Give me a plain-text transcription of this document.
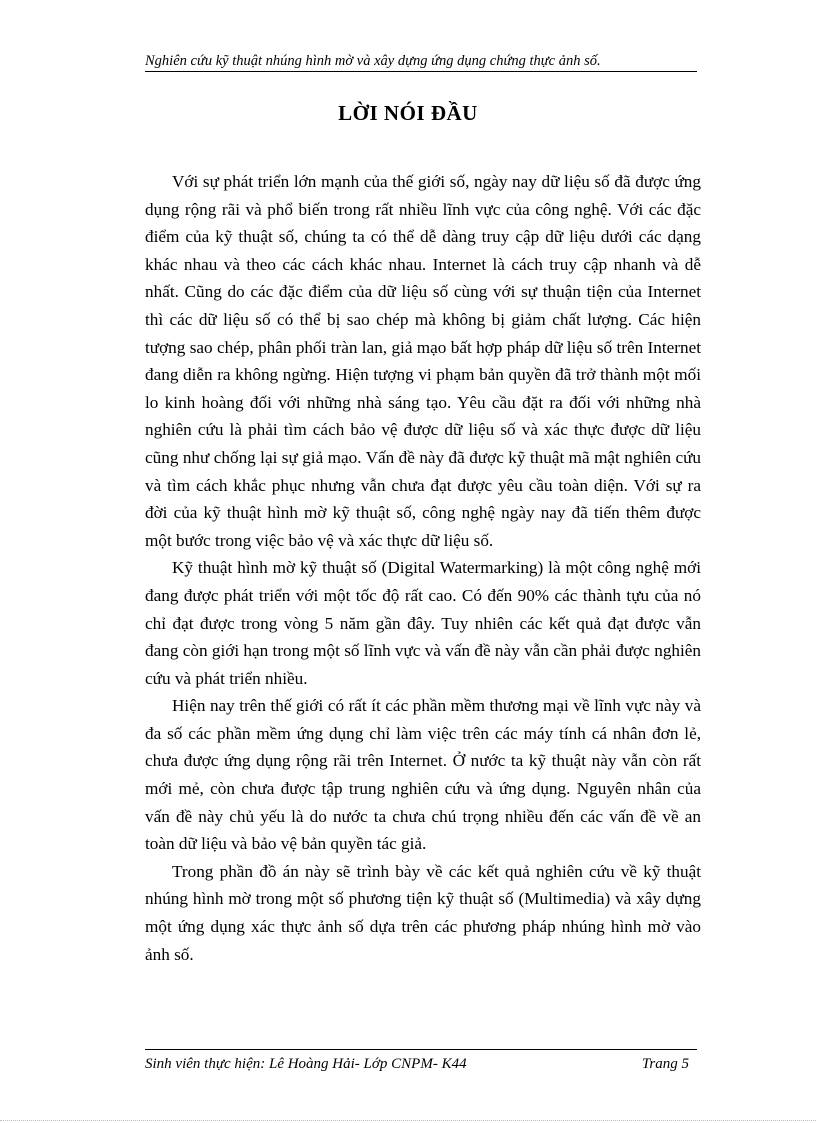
Nghiên cứu kỹ thuật nhúng hình mờ và xây dựng ứng dụng chứng thực ảnh số.
LỜI NÓI ĐẦU

Với sự phát triển lớn mạnh của thế giới số, ngày nay dữ liệu số đã được ứng dụng rộng rãi và phổ biến trong rất nhiều lĩnh vực của công nghệ. Với các đặc điểm của kỹ thuật số, chúng ta có thể dễ dàng truy cập dữ liệu dưới các dạng khác nhau và theo các cách khác nhau. Internet là cách truy cập nhanh và dễ nhất. Cũng do các đặc điểm của dữ liệu số cùng với sự thuận tiện của Internet thì các dữ liệu số có thể bị sao chép mà không bị giảm chất lượng. Các hiện tượng sao chép, phân phối tràn lan, giả mạo bất hợp pháp dữ liệu số trên Internet đang diễn ra không ngừng. Hiện tượng vi phạm bản quyền đã trở thành một mối lo kinh hoàng đối với những nhà sáng tạo. Yêu cầu đặt ra đối với những nhà nghiên cứu là phải tìm cách bảo vệ được dữ liệu số và xác thực được dữ liệu cũng như chống lại sự giả mạo. Vấn đề này đã được kỹ thuật mã mật nghiên cứu và tìm cách khắc phục nhưng vẫn chưa đạt được yêu cầu toàn diện. Với sự ra đời của kỹ thuật hình mờ kỹ thuật số, công nghệ ngày nay đã tiến thêm được một bước trong việc bảo vệ và xác thực dữ liệu số.

Kỹ thuật hình mờ kỹ thuật số (Digital Watermarking) là một công nghệ mới đang được phát triển với một tốc độ rất cao. Có đến 90% các thành tựu của nó chỉ đạt được trong vòng 5 năm gần đây. Tuy nhiên các kết quả đạt được vẫn đang còn giới hạn trong một số lĩnh vực và vấn đề này vẫn cần phải được nghiên cứu và phát triển nhiều.

Hiện nay trên thế giới có rất ít các phần mềm thương mại về lĩnh vực này và đa số các phần mềm ứng dụng chỉ làm việc trên các máy tính cá nhân đơn lẻ, chưa được ứng dụng rộng rãi trên Internet. Ở nước ta kỹ thuật này vẫn còn rất mới mẻ, còn chưa được tập trung nghiên cứu và ứng dụng. Nguyên nhân của vấn đề này chủ yếu là do nước ta chưa chú trọng nhiều đến các vấn đề về an toàn dữ liệu và bảo vệ bản quyền tác giả.

Trong phần đồ án này sẽ trình bày về các kết quả nghiên cứu về kỹ thuật nhúng hình mờ trong một số phương tiện kỹ thuật số (Multimedia) và xây dựng một ứng dụng xác thực ảnh số dựa trên các phương pháp nhúng hình mờ vào ảnh số.

Sinh viên thực hiện: Lê Hoàng Hải- Lớp CNPM- K44	Trang 5
